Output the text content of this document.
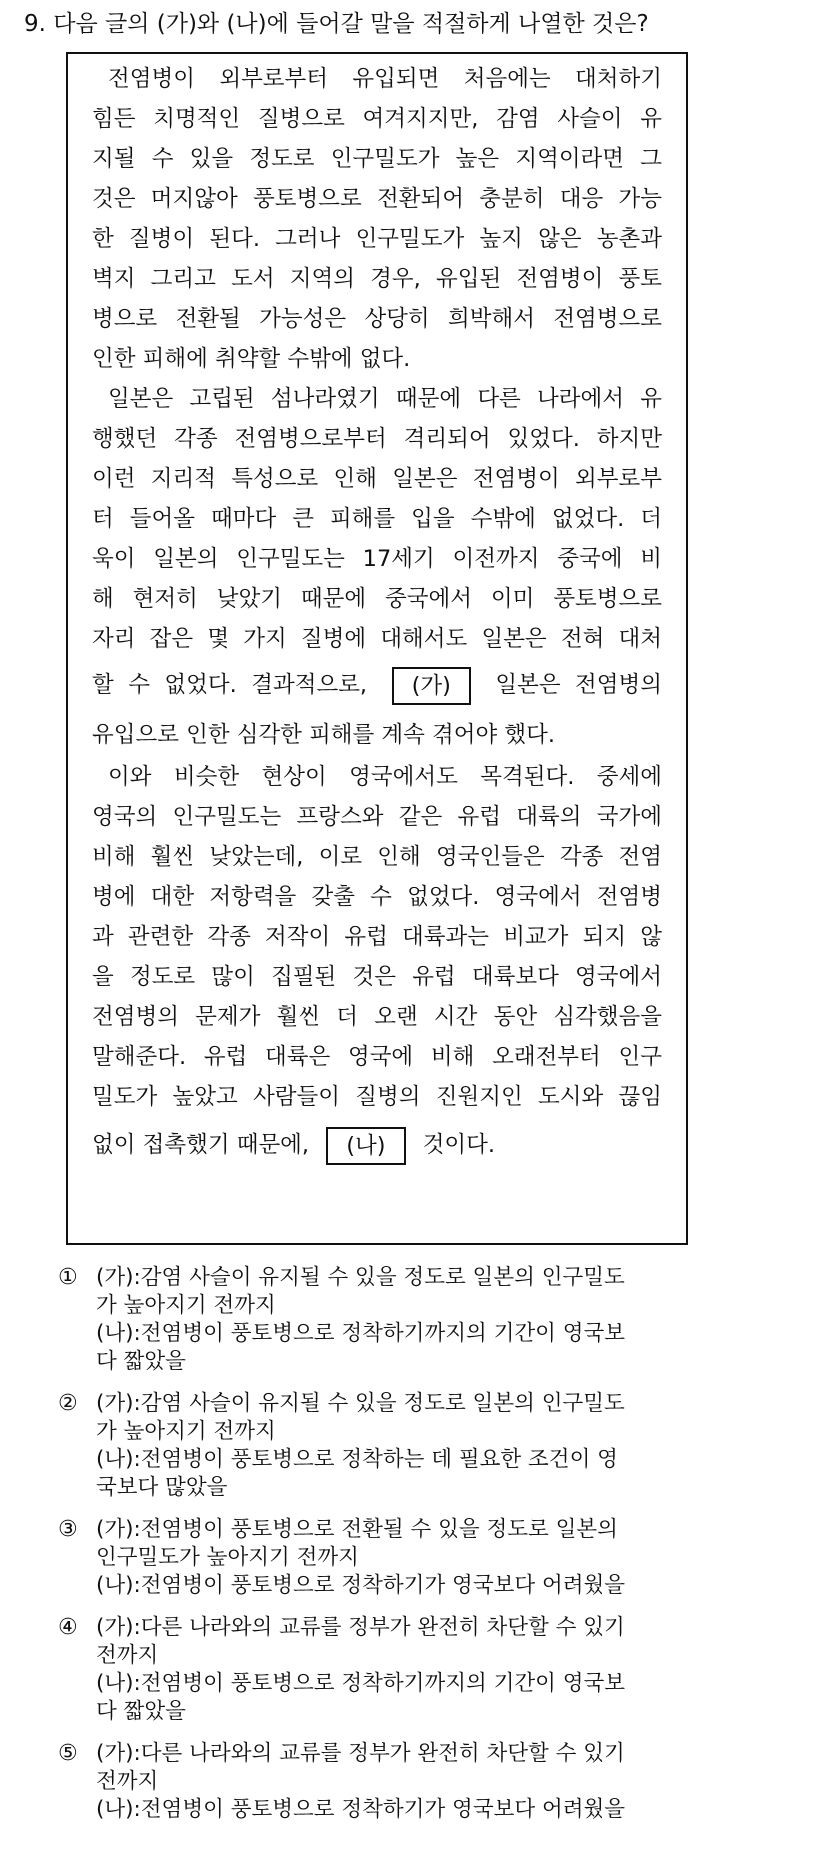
9. 다음 글의 (가)와 (나)에 들어갈 말을 적절하게 나열한 것은?
전염병이 외부로부터 유입되면 처음에는 대처하기
힘든 치명적인 질병으로 여겨지지만, 감염 사슬이 유
지될 수 있을 정도로 인구밀도가 높은 지역이라면 그
것은 머지않아 풍토병으로 전환되어 충분히 대응 가능
한 질병이 된다. 그러나 인구밀도가 높지 않은 농촌과
벽지 그리고 도서 지역의 경우, 유입된 전염병이 풍토
병으로 전환될 가능성은 상당히 희박해서 전염병으로
인한 피해에 취약할 수밖에 없다.
일본은 고립된 섬나라였기 때문에 다른 나라에서 유
행했던 각종 전염병으로부터 격리되어 있었다. 하지만
이런 지리적 특성으로 인해 일본은 전염병이 외부로부
터 들어올 때마다 큰 피해를 입을 수밖에 없었다. 더
욱이 일본의 인구밀도는 17세기 이전까지 중국에 비
해 현저히 낮았기 때문에 중국에서 이미 풍토병으로
자리 잡은 몇 가지 질병에 대해서도 일본은 전혀 대처
할 수 없었다. 결과적으로, (가) 일본은 전염병의
유입으로 인한 심각한 피해를 계속 겪어야 했다.
이와 비슷한 현상이 영국에서도 목격된다. 중세에
영국의 인구밀도는 프랑스와 같은 유럽 대륙의 국가에
비해 훨씬 낮았는데, 이로 인해 영국인들은 각종 전염
병에 대한 저항력을 갖출 수 없었다. 영국에서 전염병
과 관련한 각종 저작이 유럽 대륙과는 비교가 되지 않
을 정도로 많이 집필된 것은 유럽 대륙보다 영국에서
전염병의 문제가 훨씬 더 오랜 시간 동안 심각했음을
말해준다. 유럽 대륙은 영국에 비해 오래전부터 인구
밀도가 높았고 사람들이 질병의 진원지인 도시와 끊임
없이 접촉했기 때문에, (나) 것이다.
① (가):감염 사슬이 유지될 수 있을 정도로 일본의 인구밀도
가 높아지기 전까지
(나):전염병이 풍토병으로 정착하기까지의 기간이 영국보
다 짧았을
② (가):감염 사슬이 유지될 수 있을 정도로 일본의 인구밀도
가 높아지기 전까지
(나):전염병이 풍토병으로 정착하는 데 필요한 조건이 영
국보다 많았을
③ (가):전염병이 풍토병으로 전환될 수 있을 정도로 일본의
인구밀도가 높아지기 전까지
(나):전염병이 풍토병으로 정착하기가 영국보다 어려웠을
④ (가):다른 나라와의 교류를 정부가 완전히 차단할 수 있기
전까지
(나):전염병이 풍토병으로 정착하기까지의 기간이 영국보
다 짧았을
⑤ (가):다른 나라와의 교류를 정부가 완전히 차단할 수 있기
전까지
(나):전염병이 풍토병으로 정착하기가 영국보다 어려웠을
